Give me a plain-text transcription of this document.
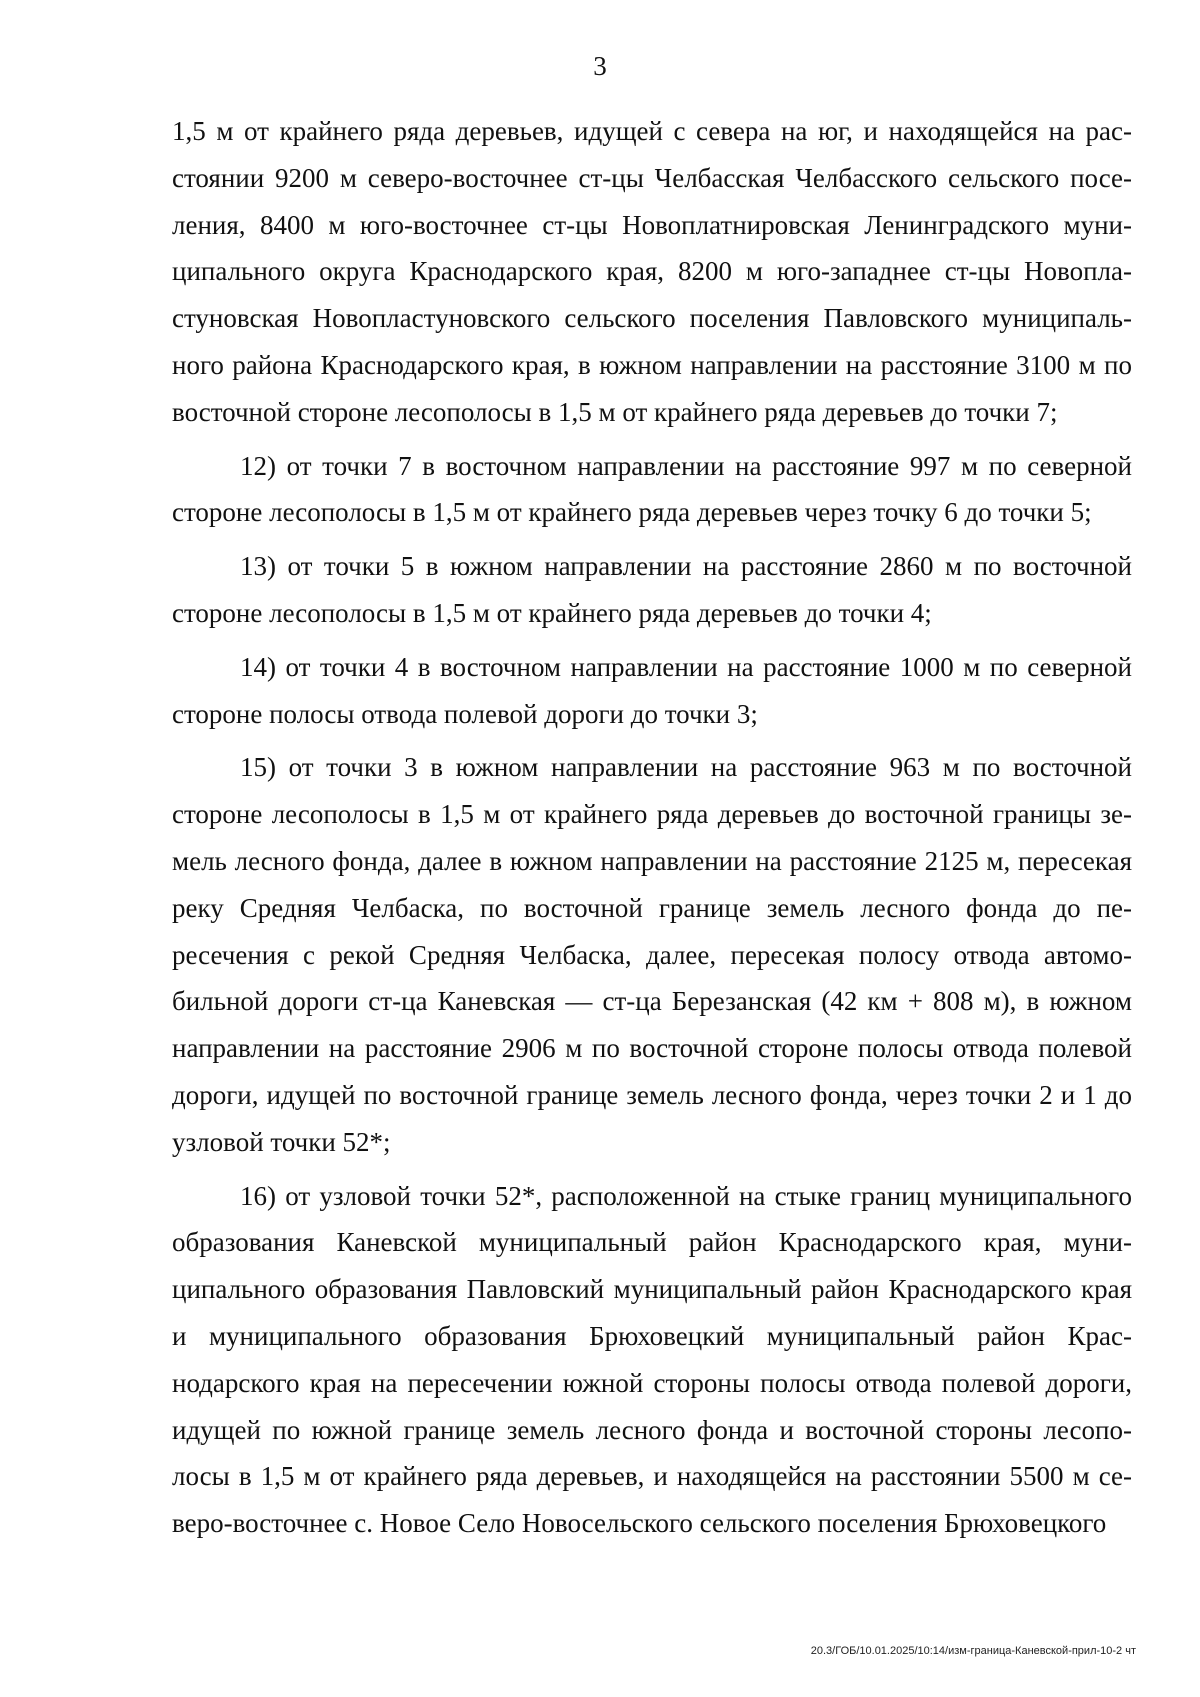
3

1,5 м от крайнего ряда деревьев, идущей с севера на юг, и находящейся на расстоянии 9200 м северо-восточнее ст-цы Челбасская Челбасского сельского поселения, 8400 м юго-восточнее ст-цы Новоплатнировская Ленинградского муниципального округа Краснодарского края, 8200 м юго-западнее ст-цы Новопластуновская Новопластуновского сельского поселения Павловского муниципального района Краснодарского края, в южном направлении на расстояние 3100 м по восточной стороне лесополосы в 1,5 м от крайнего ряда деревьев до точки 7;

12) от точки 7 в восточном направлении на расстояние 997 м по северной стороне лесополосы в 1,5 м от крайнего ряда деревьев через точку 6 до точки 5;

13) от точки 5 в южном направлении на расстояние 2860 м по восточной стороне лесополосы в 1,5 м от крайнего ряда деревьев до точки 4;

14) от точки 4 в восточном направлении на расстояние 1000 м по северной стороне полосы отвода полевой дороги до точки 3;

15) от точки 3 в южном направлении на расстояние 963 м по восточной стороне лесополосы в 1,5 м от крайнего ряда деревьев до восточной границы земель лесного фонда, далее в южном направлении на расстояние 2125 м, пересекая реку Средняя Челбаска, по восточной границе земель лесного фонда до пересечения с рекой Средняя Челбаска, далее, пересекая полосу отвода автомобильной дороги ст-ца Каневская — ст-ца Березанская (42 км + 808 м), в южном направлении на расстояние 2906 м по восточной стороне полосы отвода полевой дороги, идущей по восточной границе земель лесного фонда, через точки 2 и 1 до узловой точки 52*;

16) от узловой точки 52*, расположенной на стыке границ муниципального образования Каневской муниципальный район Краснодарского края, муниципального образования Павловский муниципальный район Краснодарского края и муниципального образования Брюховецкий муниципальный район Краснодарского края на пересечении южной стороны полосы отвода полевой дороги, идущей по южной границе земель лесного фонда и восточной стороны лесополосы в 1,5 м от крайнего ряда деревьев, и находящейся на расстоянии 5500 м северо-восточнее с. Новое Село Новосельского сельского поселения Брюховецкого

20.3/ГОБ/10.01.2025/10:14/изм-граница-Каневской-прил-10-2 чт
